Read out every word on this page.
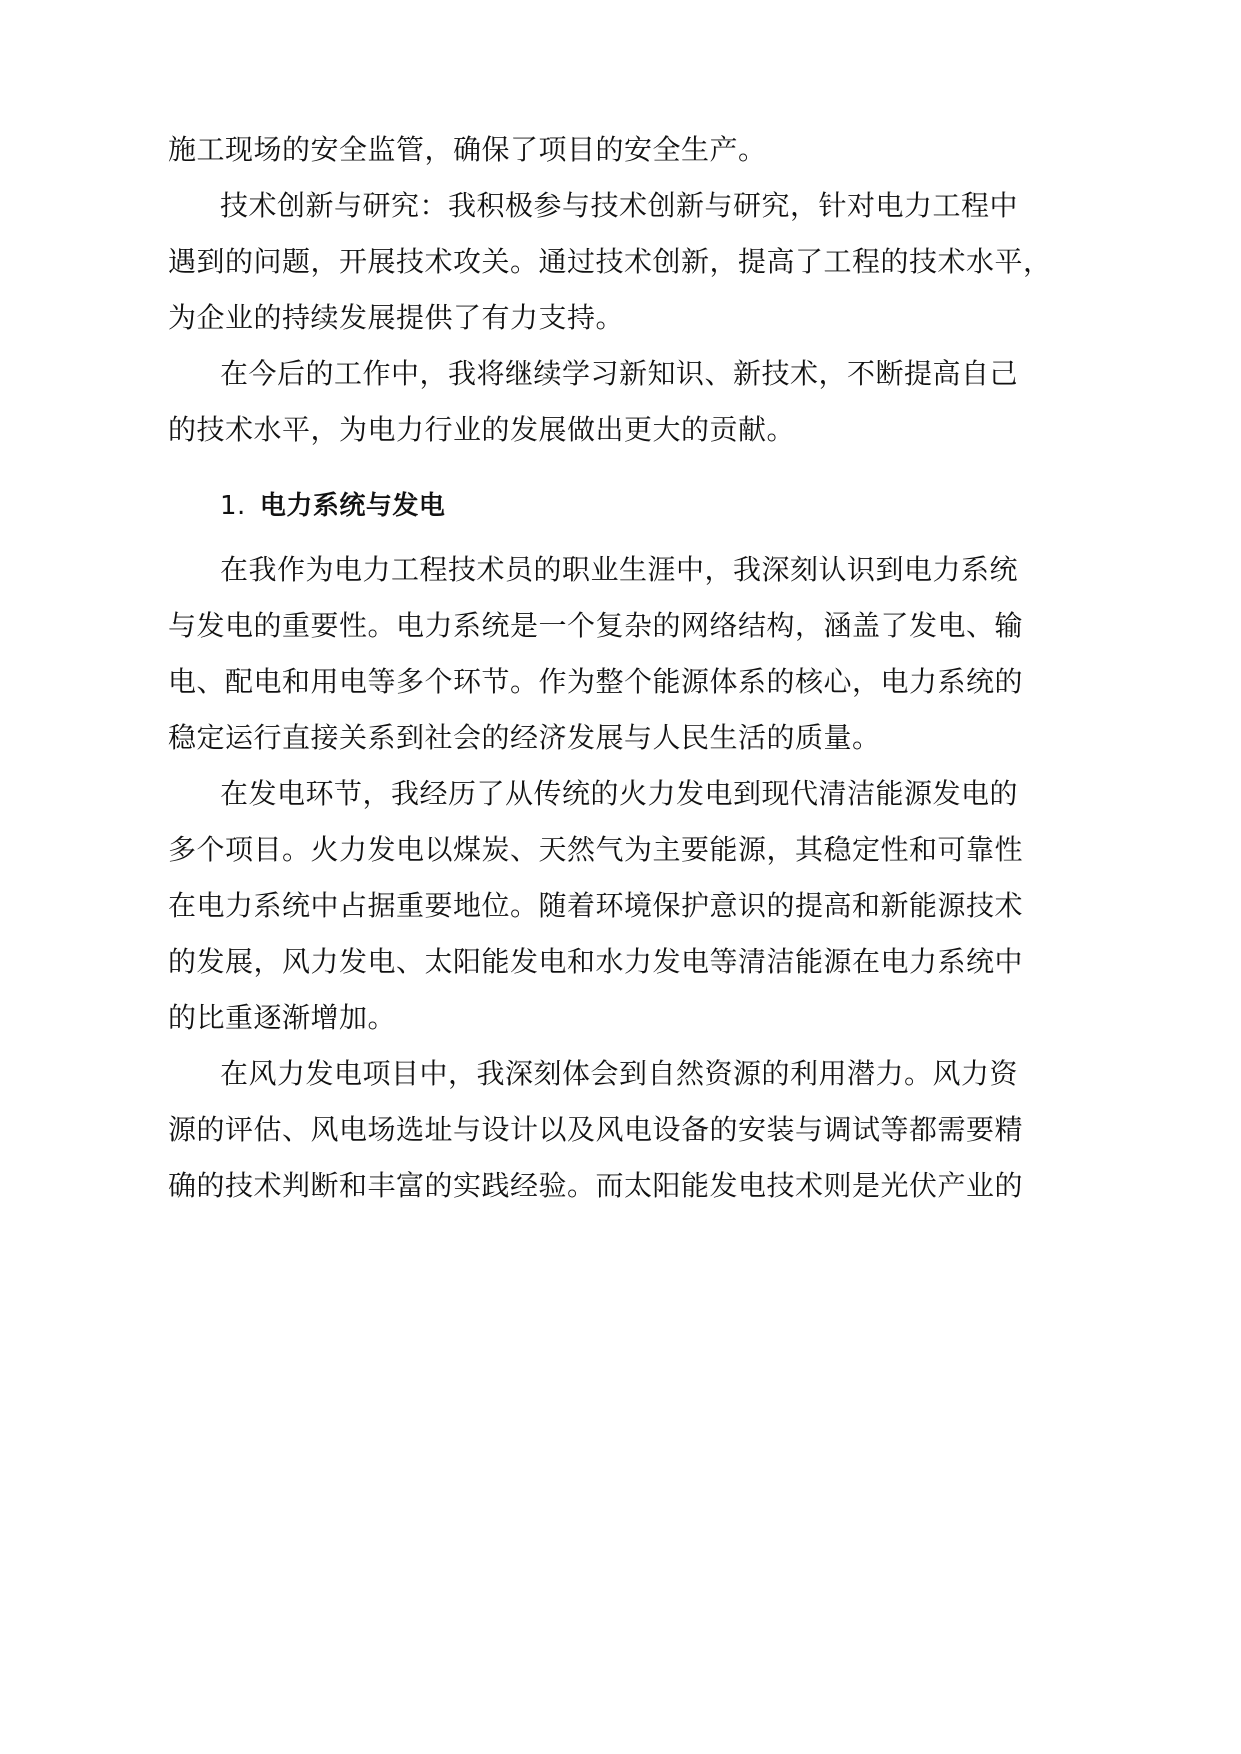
施工现场的安全监管，确保了项目的安全生产。
技术创新与研究：我积极参与技术创新与研究，针对电力工程中
遇到的问题，开展技术攻关。通过技术创新，提高了工程的技术水平，
为企业的持续发展提供了有力支持。
在今后的工作中，我将继续学习新知识、新技术，不断提高自己
的技术水平，为电力行业的发展做出更大的贡献。
1. 电力系统与发电
在我作为电力工程技术员的职业生涯中，我深刻认识到电力系统
与发电的重要性。电力系统是一个复杂的网络结构，涵盖了发电、输
电、配电和用电等多个环节。作为整个能源体系的核心，电力系统的
稳定运行直接关系到社会的经济发展与人民生活的质量。
在发电环节，我经历了从传统的火力发电到现代清洁能源发电的
多个项目。火力发电以煤炭、天然气为主要能源，其稳定性和可靠性
在电力系统中占据重要地位。随着环境保护意识的提高和新能源技术
的发展，风力发电、太阳能发电和水力发电等清洁能源在电力系统中
的比重逐渐增加。
在风力发电项目中，我深刻体会到自然资源的利用潜力。风力资
源的评估、风电场选址与设计以及风电设备的安装与调试等都需要精
确的技术判断和丰富的实践经验。而太阳能发电技术则是光伏产业的
